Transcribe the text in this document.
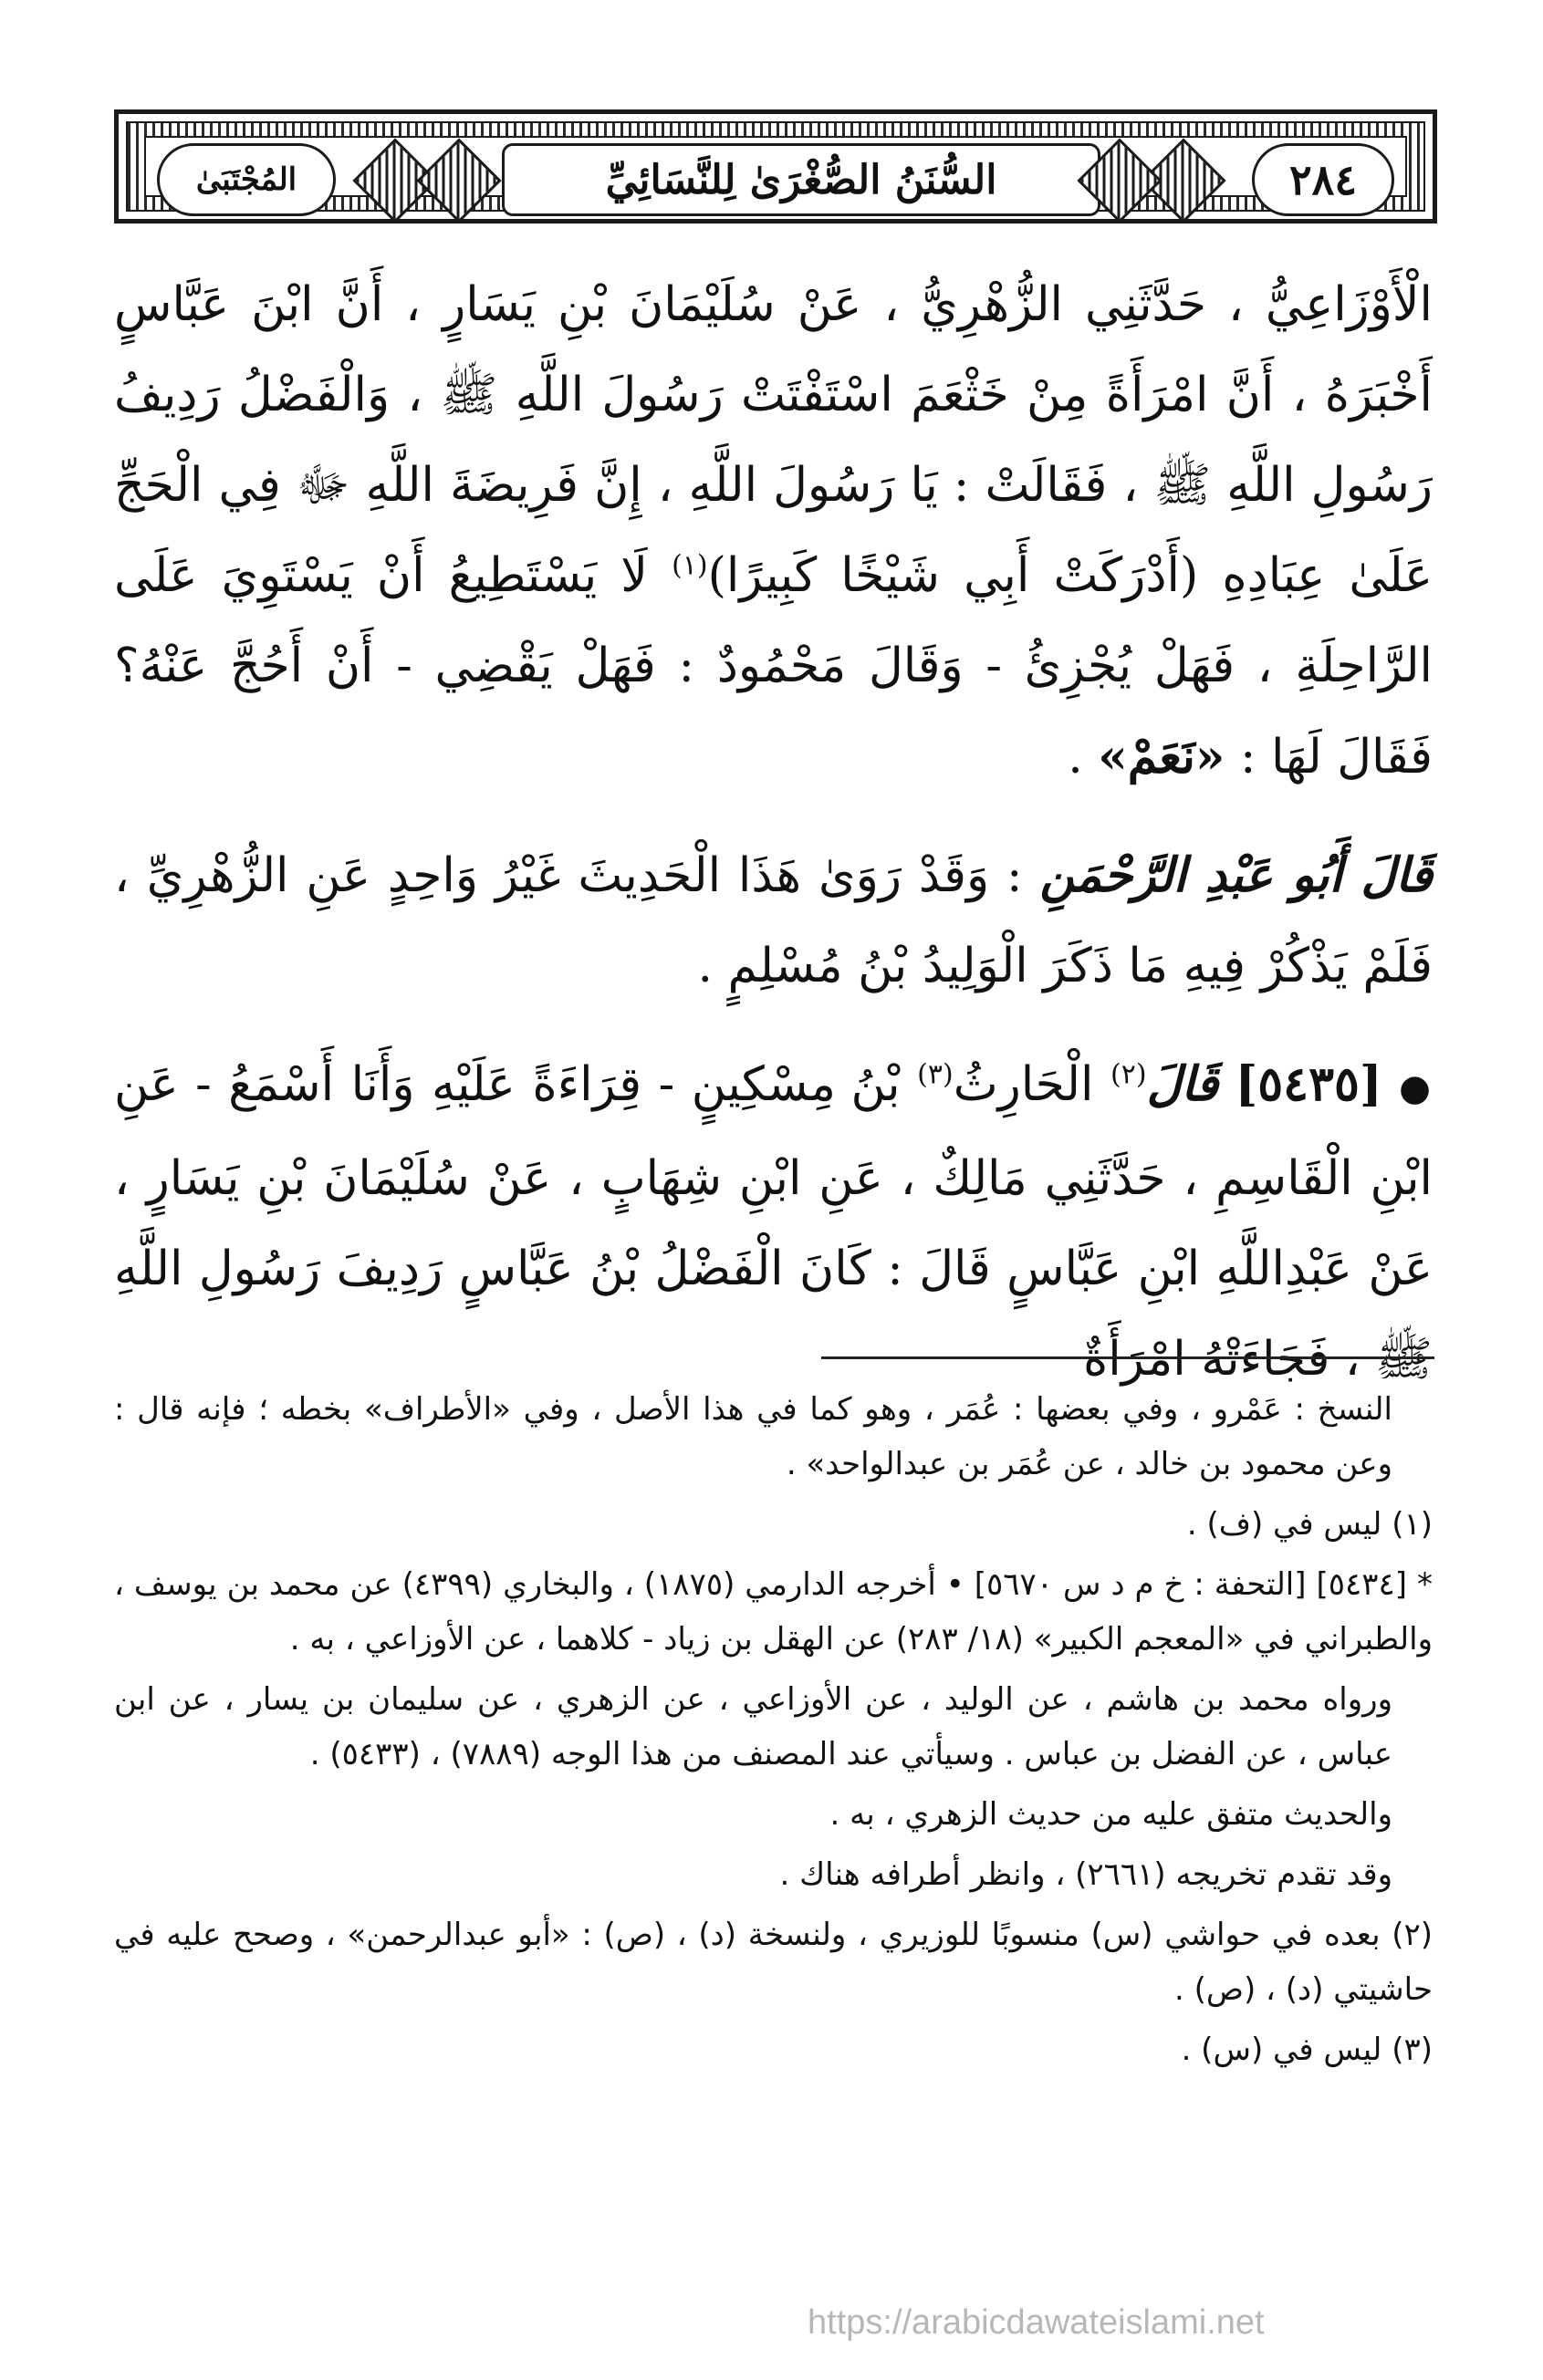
المُجْتَبَىٰ	السُّنَنُ الصُّغْرَىٰ لِلنَّسَائِيِّ	٢٨٤

الْأَوْزَاعِيُّ ، حَدَّثَنِي الزُّهْرِيُّ ، عَنْ سُلَيْمَانَ بْنِ يَسَارٍ ، أَنَّ ابْنَ عَبَّاسٍ أَخْبَرَهُ ، أَنَّ امْرَأَةً مِنْ خَثْعَمَ اسْتَفْتَتْ رَسُولَ اللَّهِ ﷺ ، وَالْفَضْلُ رَدِيفُ رَسُولِ اللَّهِ ﷺ ، فَقَالَتْ : يَا رَسُولَ اللَّهِ ، إِنَّ فَرِيضَةَ اللَّهِ ﷻ فِي الْحَجِّ عَلَىٰ عِبَادِهِ (أَدْرَكَتْ أَبِي شَيْخًا كَبِيرًا)$^{(١)}$ لَا يَسْتَطِيعُ أَنْ يَسْتَوِيَ عَلَى الرَّاحِلَةِ ، فَهَلْ يُجْزِئُ - وَقَالَ مَحْمُودٌ : فَهَلْ يَقْضِي - أَنْ أَحُجَّ عَنْهُ؟ فَقَالَ لَهَا : «نَعَمْ» .

قَالَ أَبُو عَبْدِ الرَّحْمَنِ : وَقَدْ رَوَىٰ هَذَا الْحَدِيثَ غَيْرُ وَاحِدٍ عَنِ الزُّهْرِيِّ ، فَلَمْ يَذْكُرْ فِيهِ مَا ذَكَرَ الْوَلِيدُ بْنُ مُسْلِمٍ .

● [٥٤٣٥] قَالَ$^{(٢)}$ الْحَارِثُ$^{(٣)}$ بْنُ مِسْكِينٍ - قِرَاءَةً عَلَيْهِ وَأَنَا أَسْمَعُ - عَنِ ابْنِ الْقَاسِمِ ، حَدَّثَنِي مَالِكٌ ، عَنِ ابْنِ شِهَابٍ ، عَنْ سُلَيْمَانَ بْنِ يَسَارٍ ، عَنْ عَبْدِاللَّهِ ابْنِ عَبَّاسٍ قَالَ : كَانَ الْفَضْلُ بْنُ عَبَّاسٍ رَدِيفَ رَسُولِ اللَّهِ ﷺ ، فَجَاءَتْهُ امْرَأَةٌ

النسخ : عَمْرو ، وفي بعضها : عُمَر ، وهو كما في هذا الأصل ، وفي «الأطراف» بخطه ؛ فإنه قال : وعن محمود بن خالد ، عن عُمَر بن عبدالواحد» .

(١) ليس في (ف) .

* [٥٤٣٤] [التحفة : خ م د س ٥٦٧٠] • أخرجه الدارمي (١٨٧٥) ، والبخاري (٤٣٩٩) عن محمد بن يوسف ، والطبراني في «المعجم الكبير» (١٨/ ٢٨٣) عن الهقل بن زياد - كلاهما ، عن الأوزاعي ، به .

ورواه محمد بن هاشم ، عن الوليد ، عن الأوزاعي ، عن الزهري ، عن سليمان بن يسار ، عن ابن عباس ، عن الفضل بن عباس . وسيأتي عند المصنف من هذا الوجه (٧٨٨٩) ، (٥٤٣٣) .

والحديث متفق عليه من حديث الزهري ، به .

وقد تقدم تخريجه (٢٦٦١) ، وانظر أطرافه هناك .

(٢) بعده في حواشي (س) منسوبًا للوزيري ، ولنسخة (د) ، (ص) : «أبو عبدالرحمن» ، وصحح عليه في حاشيتي (د) ، (ص) .

(٣) ليس في (س) .

https://arabicdawateislami.net
